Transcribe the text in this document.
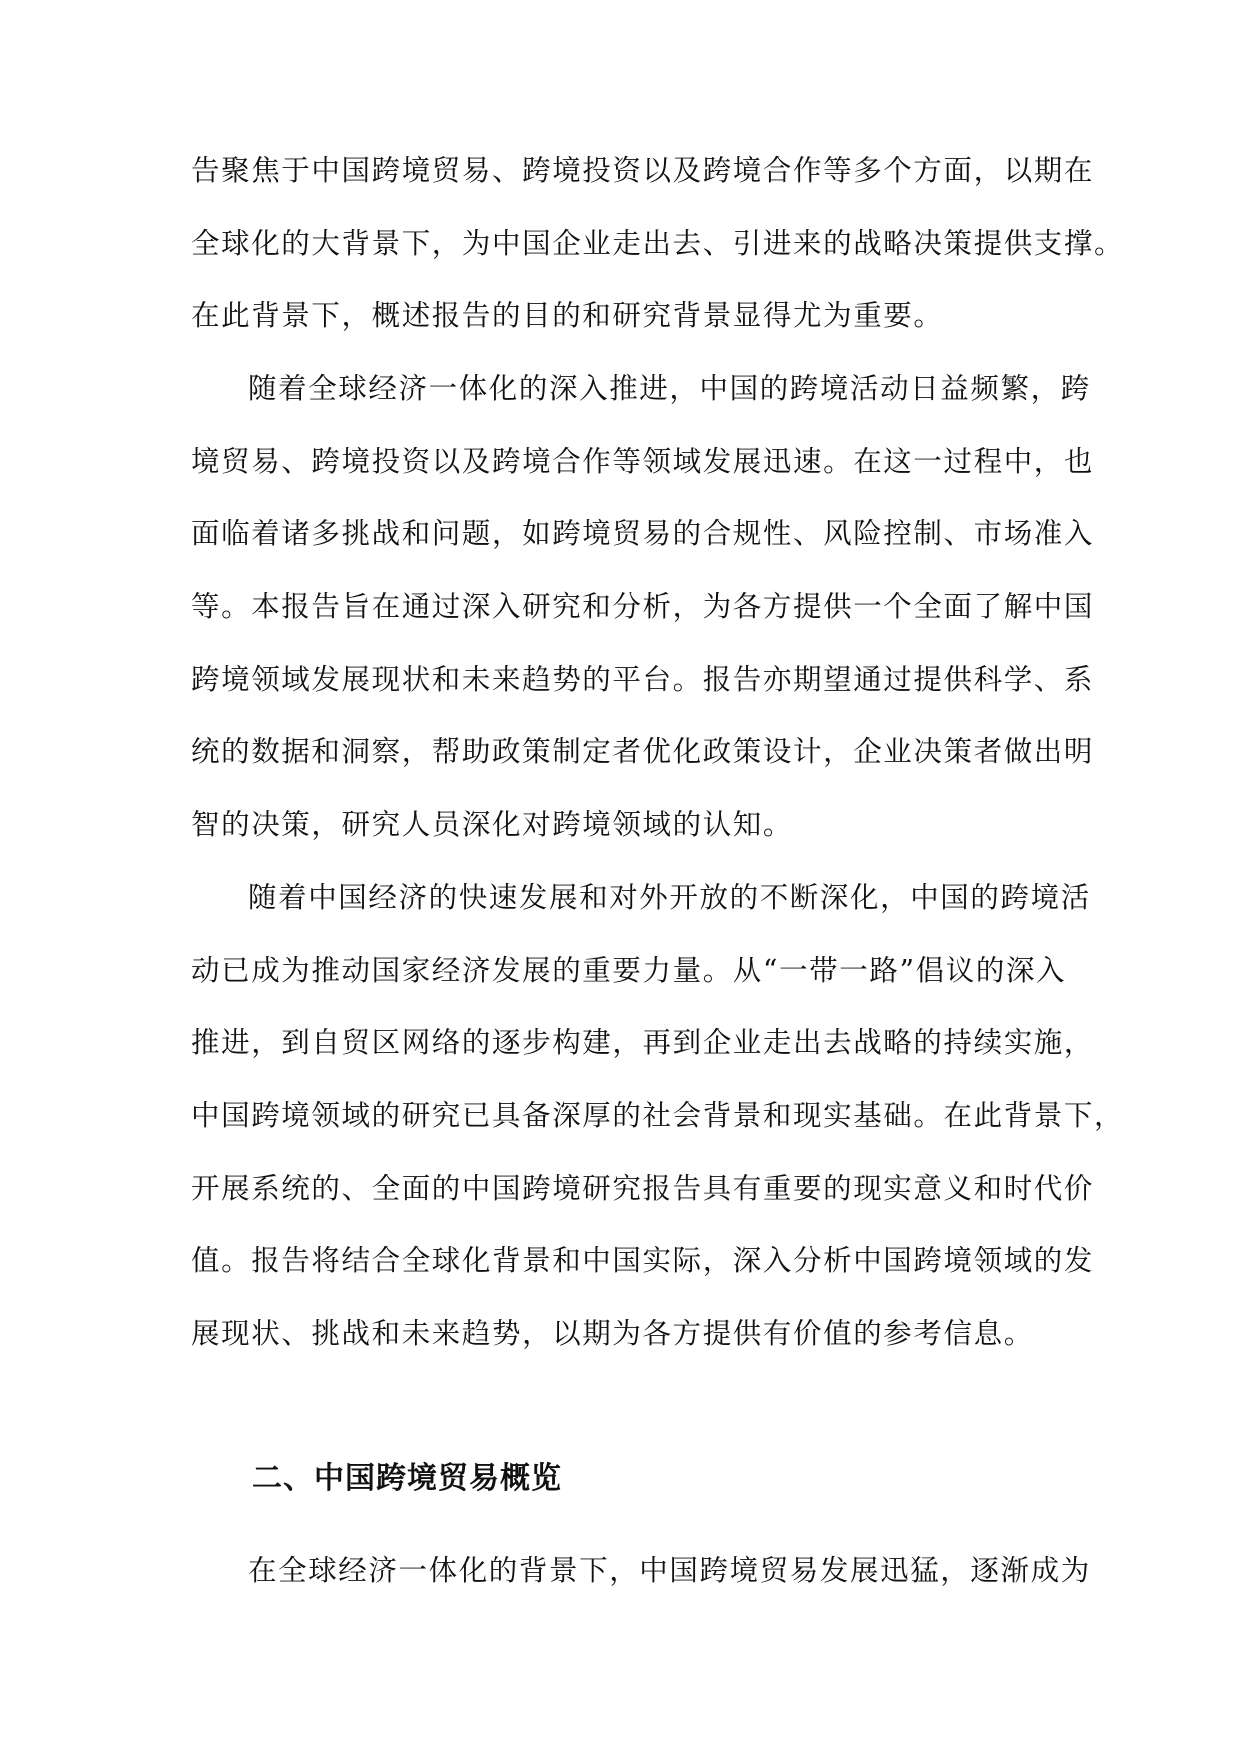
告聚焦于中国跨境贸易、跨境投资以及跨境合作等多个方面，以期在
全球化的大背景下，为中国企业走出去、引进来的战略决策提供支撑。
在此背景下，概述报告的目的和研究背景显得尤为重要。
随着全球经济一体化的深入推进，中国的跨境活动日益频繁，跨
境贸易、跨境投资以及跨境合作等领域发展迅速。在这一过程中，也
面临着诸多挑战和问题，如跨境贸易的合规性、风险控制、市场准入
等。本报告旨在通过深入研究和分析，为各方提供一个全面了解中国
跨境领域发展现状和未来趋势的平台。报告亦期望通过提供科学、系
统的数据和洞察，帮助政策制定者优化政策设计，企业决策者做出明
智的决策，研究人员深化对跨境领域的认知。
随着中国经济的快速发展和对外开放的不断深化，中国的跨境活
动已成为推动国家经济发展的重要力量。从“一带一路”倡议的深入
推进，到自贸区网络的逐步构建，再到企业走出去战略的持续实施，
中国跨境领域的研究已具备深厚的社会背景和现实基础。在此背景下，
开展系统的、全面的中国跨境研究报告具有重要的现实意义和时代价
值。报告将结合全球化背景和中国实际，深入分析中国跨境领域的发
展现状、挑战和未来趋势，以期为各方提供有价值的参考信息。
二、中国跨境贸易概览
在全球经济一体化的背景下，中国跨境贸易发展迅猛，逐渐成为
